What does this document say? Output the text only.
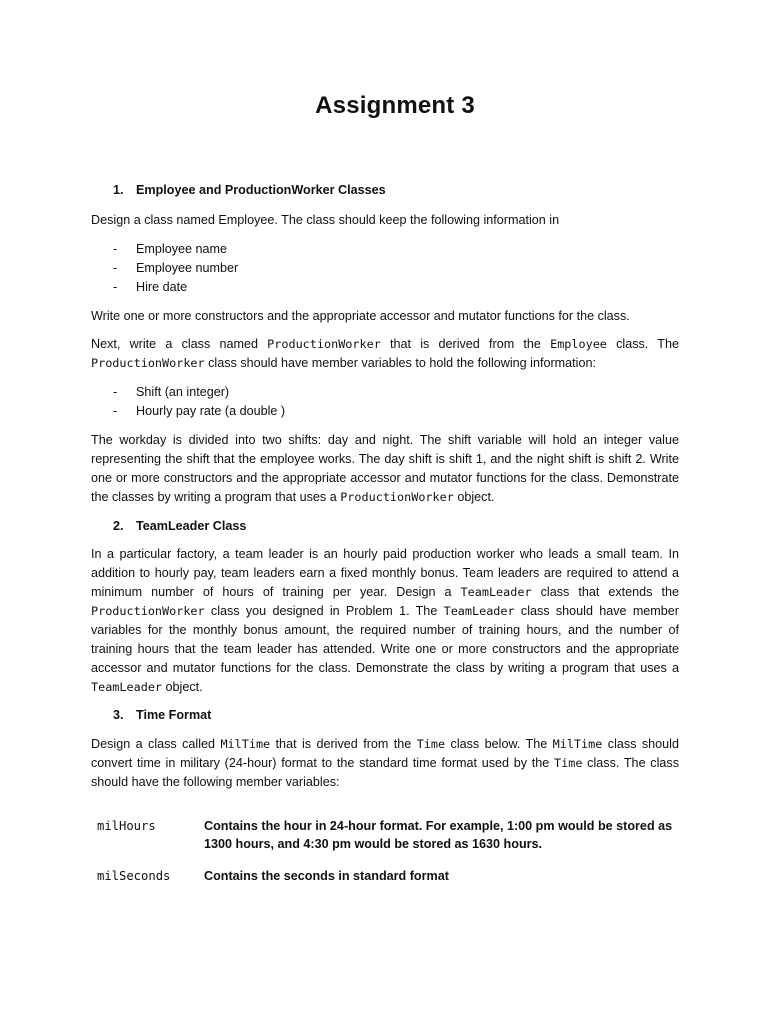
Assignment 3
1. Employee and ProductionWorker Classes
Design a class named Employee. The class should keep the following information in
- Employee name
- Employee number
- Hire date
Write one or more constructors and the appropriate accessor and mutator functions for the class.
Next, write a class named ProductionWorker that is derived from the Employee class. The ProductionWorker class should have member variables to hold the following information:
- Shift (an integer)
- Hourly pay rate (a double )
The workday is divided into two shifts: day and night. The shift variable will hold an integer value representing the shift that the employee works. The day shift is shift 1, and the night shift is shift 2. Write one or more constructors and the appropriate accessor and mutator functions for the class. Demonstrate the classes by writing a program that uses a ProductionWorker object.
2. TeamLeader Class
In a particular factory, a team leader is an hourly paid production worker who leads a small team. In addition to hourly pay, team leaders earn a fixed monthly bonus. Team leaders are required to attend a minimum number of hours of training per year. Design a TeamLeader class that extends the ProductionWorker class you designed in Problem 1. The TeamLeader class should have member variables for the monthly bonus amount, the required number of training hours, and the number of training hours that the team leader has attended. Write one or more constructors and the appropriate accessor and mutator functions for the class. Demonstrate the class by writing a program that uses a TeamLeader object.
3. Time Format
Design a class called MilTime that is derived from the Time class below. The MilTime class should convert time in military (24-hour) format to the standard time format used by the Time class. The class should have the following member variables:
milHours	Contains the hour in 24-hour format. For example, 1:00 pm would be stored as 1300 hours, and 4:30 pm would be stored as 1630 hours.
milSeconds	Contains the seconds in standard format
